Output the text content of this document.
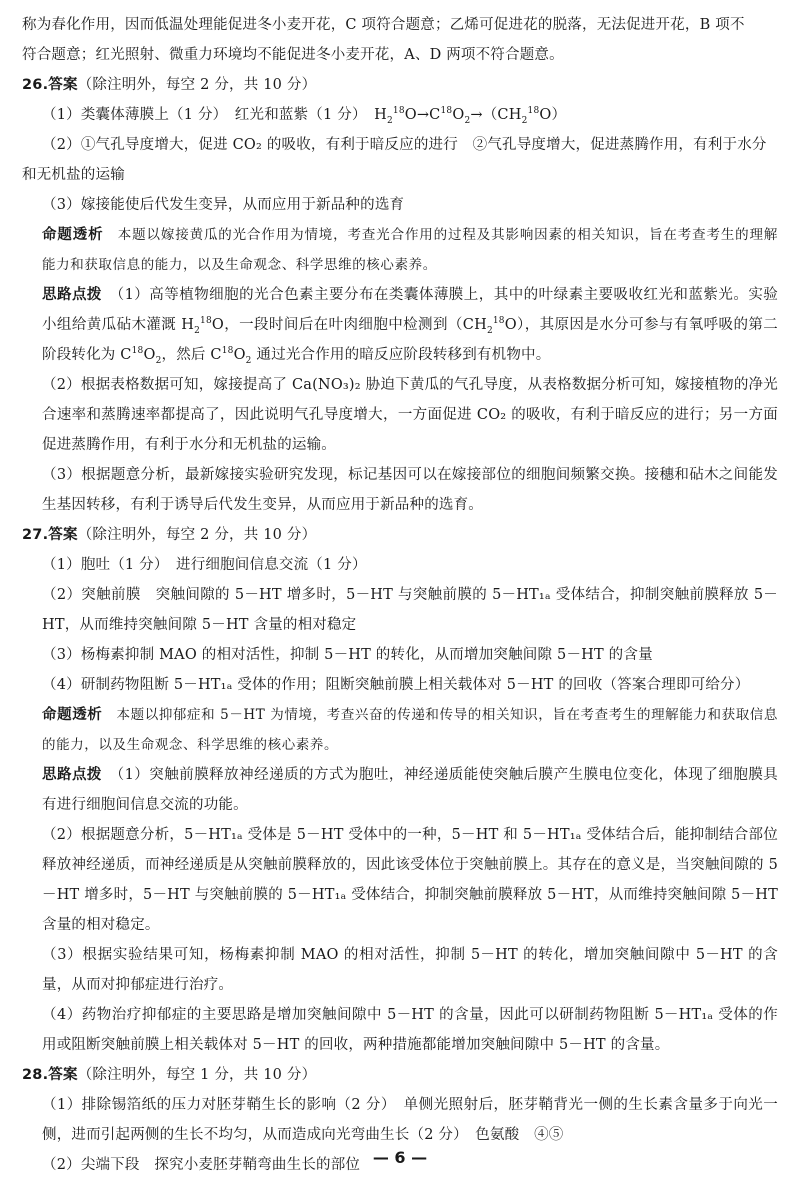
称为春化作用，因而低温处理能促进冬小麦开花，C 项符合题意；乙烯可促进花的脱落，无法促进开花，B 项不

符合题意；红光照射、微重力环境均不能促进冬小麦开花，A、D 两项不符合题意。

26.答案（除注明外，每空 2 分，共 10 分）

（1）类囊体薄膜上（1 分）　红光和蓝紫（1 分）　$H_2^{18}O\to C^{18}O_2\to(CH_2^{18}O)$

（2）①气孔导度增大，促进 CO₂ 的吸收，有利于暗反应的进行　②气孔导度增大，促进蒸腾作用，有利于水分

和无机盐的运输

（3）嫁接能使后代发生变异，从而应用于新品种的选育

命题透析　本题以嫁接黄瓜的光合作用为情境，考查光合作用的过程及其影响因素的相关知识，旨在考查考生的理解能力和获取信息的能力，以及生命观念、科学思维的核心素养。

思路点拨　（1）高等植物细胞的光合色素主要分布在类囊体薄膜上，其中的叶绿素主要吸收红光和蓝紫光。实验小组给黄瓜砧木灌溉 $H_2^{18}O$，一段时间后在叶肉细胞中检测到$(CH_2^{18}O)$，其原因是水分可参与有氧呼吸的第二阶段转化为 $C^{18}O_2$，然后 $C^{18}O_2$ 通过光合作用的暗反应阶段转移到有机物中。

（2）根据表格数据可知，嫁接提高了 Ca(NO₃)₂ 胁迫下黄瓜的气孔导度，从表格数据分析可知，嫁接植物的净光合速率和蒸腾速率都提高了，因此说明气孔导度增大，一方面促进 CO₂ 的吸收，有利于暗反应的进行；另一方面促进蒸腾作用，有利于水分和无机盐的运输。

（3）根据题意分析，最新嫁接实验研究发现，标记基因可以在嫁接部位的细胞间频繁交换。接穗和砧木之间能发生基因转移，有利于诱导后代发生变异，从而应用于新品种的选育。

27.答案（除注明外，每空 2 分，共 10 分）

（1）胞吐（1 分）　进行细胞间信息交流（1 分）

（2）突触前膜　突触间隙的 5－HT 增多时，5－HT 与突触前膜的 5－HT₁ₐ 受体结合，抑制突触前膜释放 5－HT，从而维持突触间隙 5－HT 含量的相对稳定

（3）杨梅素抑制 MAO 的相对活性，抑制 5－HT 的转化，从而增加突触间隙 5－HT 的含量

（4）研制药物阻断 5－HT₁ₐ 受体的作用；阻断突触前膜上相关载体对 5－HT 的回收（答案合理即可给分）

命题透析　本题以抑郁症和 5－HT 为情境，考查兴奋的传递和传导的相关知识，旨在考查考生的理解能力和获取信息的能力，以及生命观念、科学思维的核心素养。

思路点拨　（1）突触前膜释放神经递质的方式为胞吐，神经递质能使突触后膜产生膜电位变化，体现了细胞膜具有进行细胞间信息交流的功能。

（2）根据题意分析，5－HT₁ₐ 受体是 5－HT 受体中的一种，5－HT 和 5－HT₁ₐ 受体结合后，能抑制结合部位释放神经递质，而神经递质是从突触前膜释放的，因此该受体位于突触前膜上。其存在的意义是，当突触间隙的 5－HT 增多时，5－HT 与突触前膜的 5－HT₁ₐ 受体结合，抑制突触前膜释放 5－HT，从而维持突触间隙 5－HT 含量的相对稳定。

（3）根据实验结果可知，杨梅素抑制 MAO 的相对活性，抑制 5－HT 的转化，增加突触间隙中 5－HT 的含量，从而对抑郁症进行治疗。

（4）药物治疗抑郁症的主要思路是增加突触间隙中 5－HT 的含量，因此可以研制药物阻断 5－HT₁ₐ 受体的作用或阻断突触前膜上相关载体对 5－HT 的回收，两种措施都能增加突触间隙中 5－HT 的含量。

28.答案（除注明外，每空 1 分，共 10 分）

（1）排除锡箔纸的压力对胚芽鞘生长的影响（2 分）　单侧光照射后，胚芽鞘背光一侧的生长素含量多于向光一侧，进而引起两侧的生长不均匀，从而造成向光弯曲生长（2 分）　色氨酸　④⑤

（2）尖端下段　探究小麦胚芽鞘弯曲生长的部位 — 6 —
